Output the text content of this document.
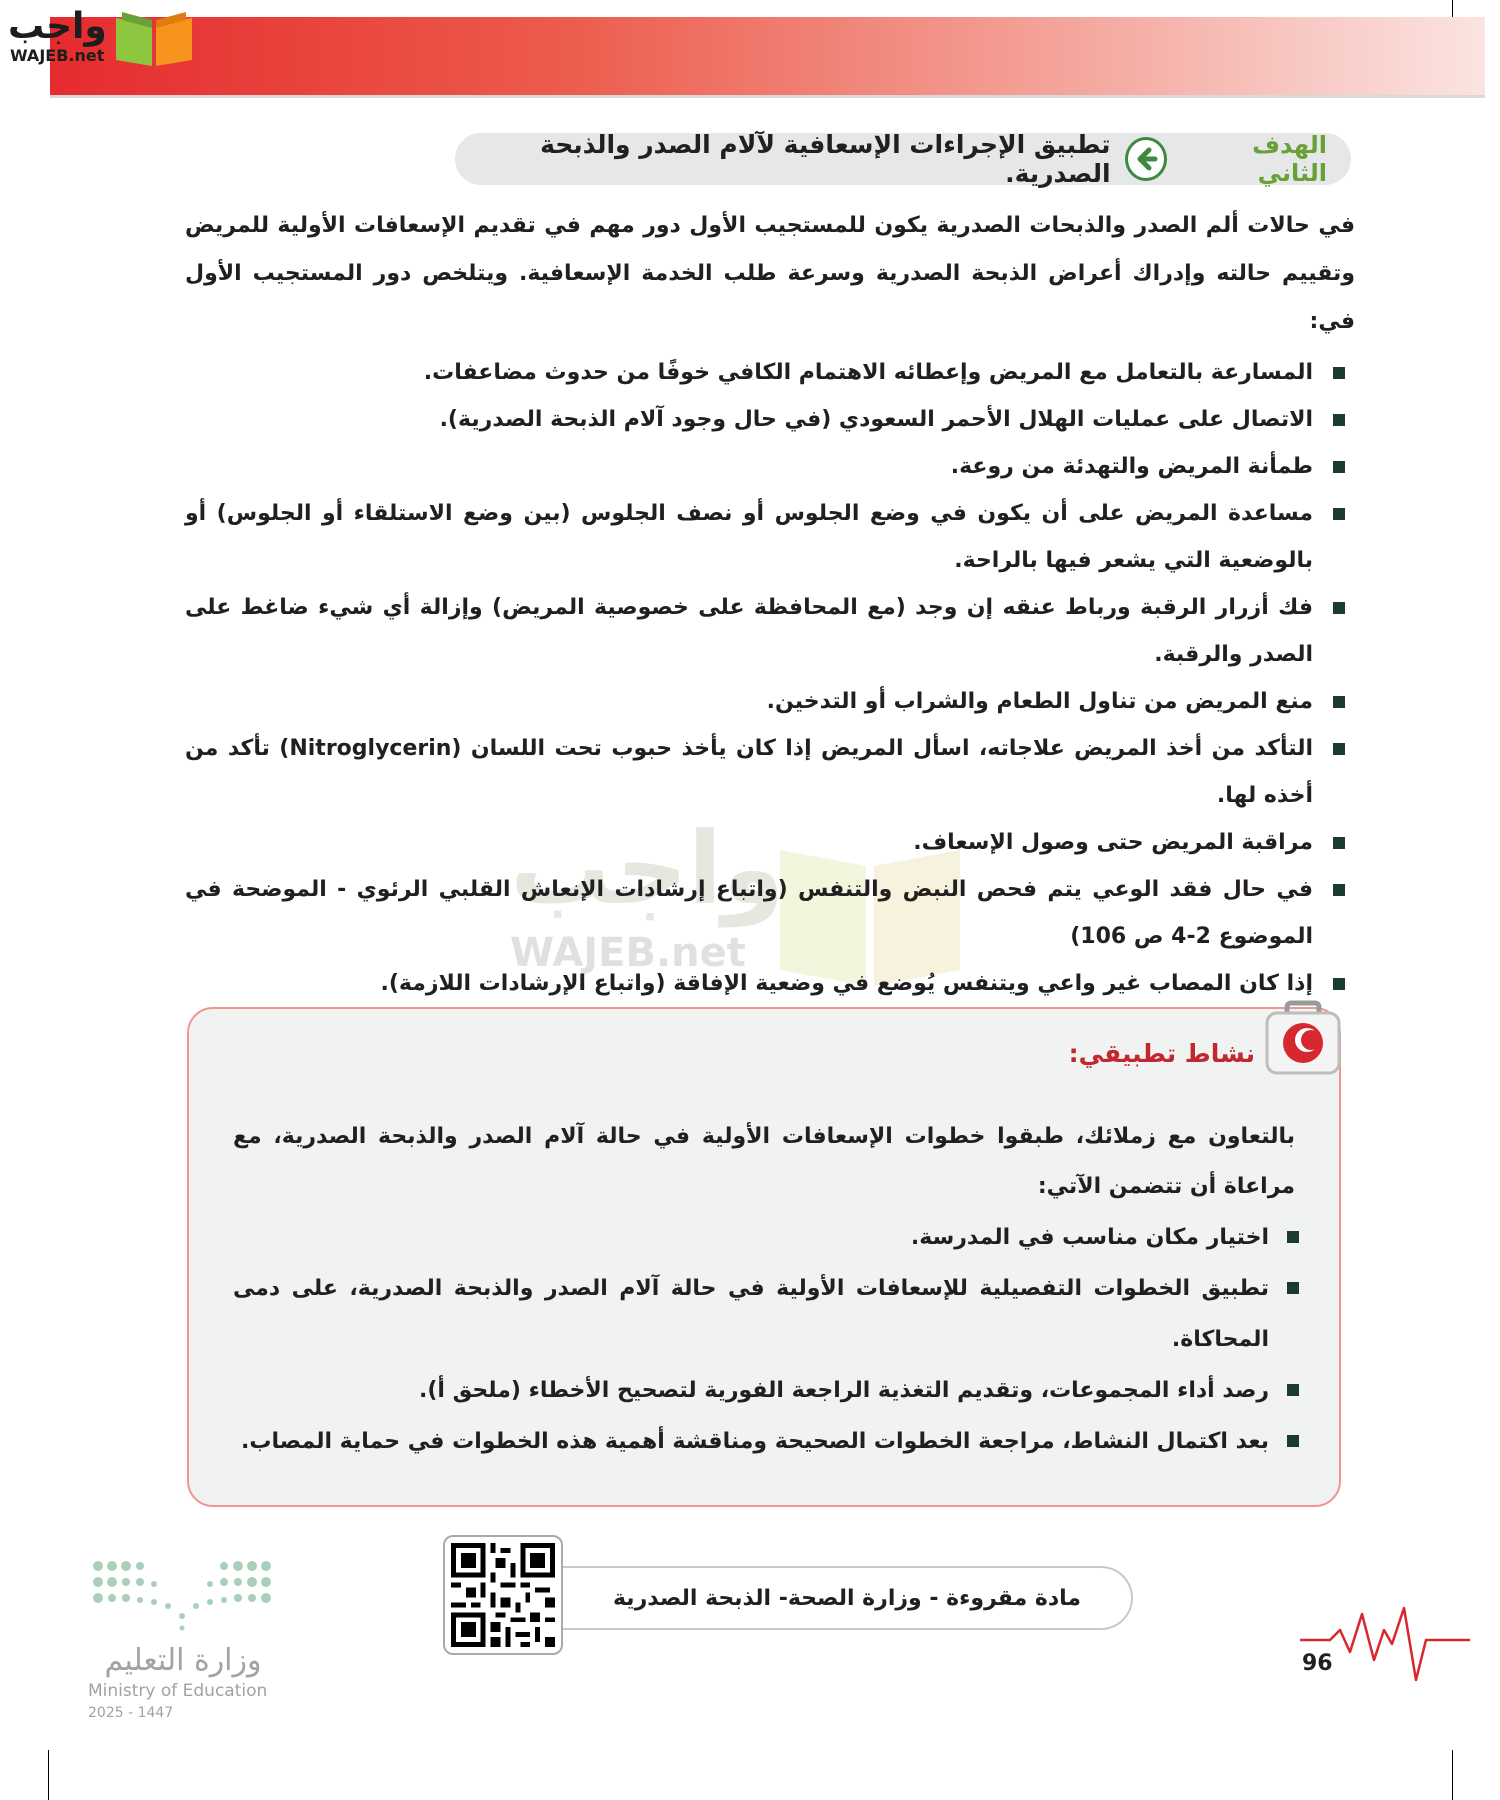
واجب
WAJEB.net
الهدف الثاني
تطبيق الإجراءات الإسعافية لآلام الصدر والذبحة الصدرية.
واجب
WAJEB.net

في حالات ألم الصدر والذبحات الصدرية يكون للمستجيب الأول دور مهم في تقديم الإسعافات الأولية للمريض وتقييم حالته وإدراك أعراض الذبحة الصدرية وسرعة طلب الخدمة الإسعافية. ويتلخص دور المستجيب الأول في:

المسارعة بالتعامل مع المريض وإعطائه الاهتمام الكافي خوفًا من حدوث مضاعفات.
الاتصال على عمليات الهلال الأحمر السعودي (في حال وجود آلام الذبحة الصدرية).
طمأنة المريض والتهدئة من روعة.
مساعدة المريض على أن يكون في وضع الجلوس أو نصف الجلوس (بين وضع الاستلقاء أو الجلوس) أو بالوضعية التي يشعر فيها بالراحة.
فك أزرار الرقبة ورباط عنقه إن وجد (مع المحافظة على خصوصية المريض) وإزالة أي شيء ضاغط على الصدر والرقبة.
منع المريض من تناول الطعام والشراب أو التدخين.
التأكد من أخذ المريض علاجاته، اسأل المريض إذا كان يأخذ حبوب تحت اللسان (Nitroglycerin) تأكد من أخذه لها.
مراقبة المريض حتى وصول الإسعاف.
في حال فقد الوعي يتم فحص النبض والتنفس (واتباع إرشادات الإنعاش القلبي الرئوي - الموضحة في الموضوع 2-4 ص 106)
إذا كان المصاب غير واعي ويتنفس يُوضع في وضعية الإفاقة (واتباع الإرشادات اللازمة).
نشاط تطبيقي:

بالتعاون مع زملائك، طبقوا خطوات الإسعافات الأولية في حالة آلام الصدر والذبحة الصدرية، مع مراعاة أن تتضمن الآتي:

اختيار مكان مناسب في المدرسة.
تطبيق الخطوات التفصيلية للإسعافات الأولية في حالة آلام الصدر والذبحة الصدرية، على دمى المحاكاة.
رصد أداء المجموعات، وتقديم التغذية الراجعة الفورية لتصحيح الأخطاء (ملحق أ).
بعد اكتمال النشاط، مراجعة الخطوات الصحيحة ومناقشة أهمية هذه الخطوات في حماية المصاب.
مادة مقروءة - وزارة الصحة- الذبحة الصدرية
96
وزارة التعليم
Ministry of Education
2025 - 1447
